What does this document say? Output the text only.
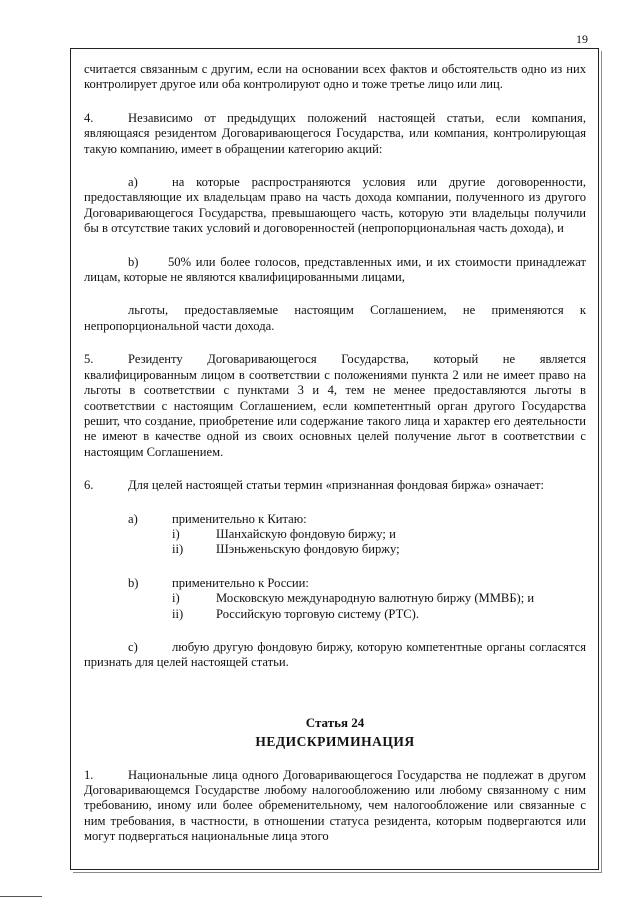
19

считается связанным с другим, если на основании всех фактов и обстоятельств одно из них контролирует другое или оба контролируют одно и тоже третье лицо или лиц.

4.	Независимо от предыдущих положений настоящей статьи, если компания, являющаяся резидентом Договаривающегося Государства, или компания, контролирующая такую компанию, имеет в обращении категорию акций:

a)	на которые распространяются условия или другие договоренности, предоставляющие их владельцам право на часть дохода компании, полученного из другого Договаривающегося Государства, превышающего часть, которую эти владельцы получили бы в отсутствие таких условий и договоренностей (непропорциональная часть дохода), и

b) 50% или более голосов, представленных ими, и их стоимости принадлежат лицам, которые не являются квалифицированными лицами,

льготы, предоставляемые настоящим Соглашением, не применяются к непропорциональной части дохода.

5.	Резиденту Договаривающегося Государства, который не является квалифицированным лицом в соответствии с положениями пункта 2 или не имеет право на льготы в соответствии с пунктами 3 и 4, тем не менее предоставляются льготы в соответствии с настоящим Соглашением, если компетентный орган другого Государства решит, что создание, приобретение или содержание такого лица и характер его деятельности не имеют в качестве одной из своих основных целей получение льгот в соответствии с настоящим Соглашением.

6.	Для целей настоящей статьи термин «признанная фондовая биржа» означает:

a)	применительно к Китаю:
i)	Шанхайскую фондовую биржу; и
ii)	Шэньженьскую фондовую биржу;
b)	применительно к России:
i)	Московскую международную валютную биржу (ММВБ); и
ii)	Российскую торговую систему (РТС).

c)	любую другую фондовую биржу, которую компетентные органы согласятся признать для целей настоящей статьи.

Статья 24
НЕДИСКРИМИНАЦИЯ

1.	Национальные лица одного Договаривающегося Государства не подлежат в другом Договаривающемся Государстве любому налогообложению или любому связанному с ним требованию, иному или более обременительному, чем налогообложение или связанные с ним требования, в частности, в отношении статуса резидента, которым подвергаются или могут подвергаться национальные лица этого
